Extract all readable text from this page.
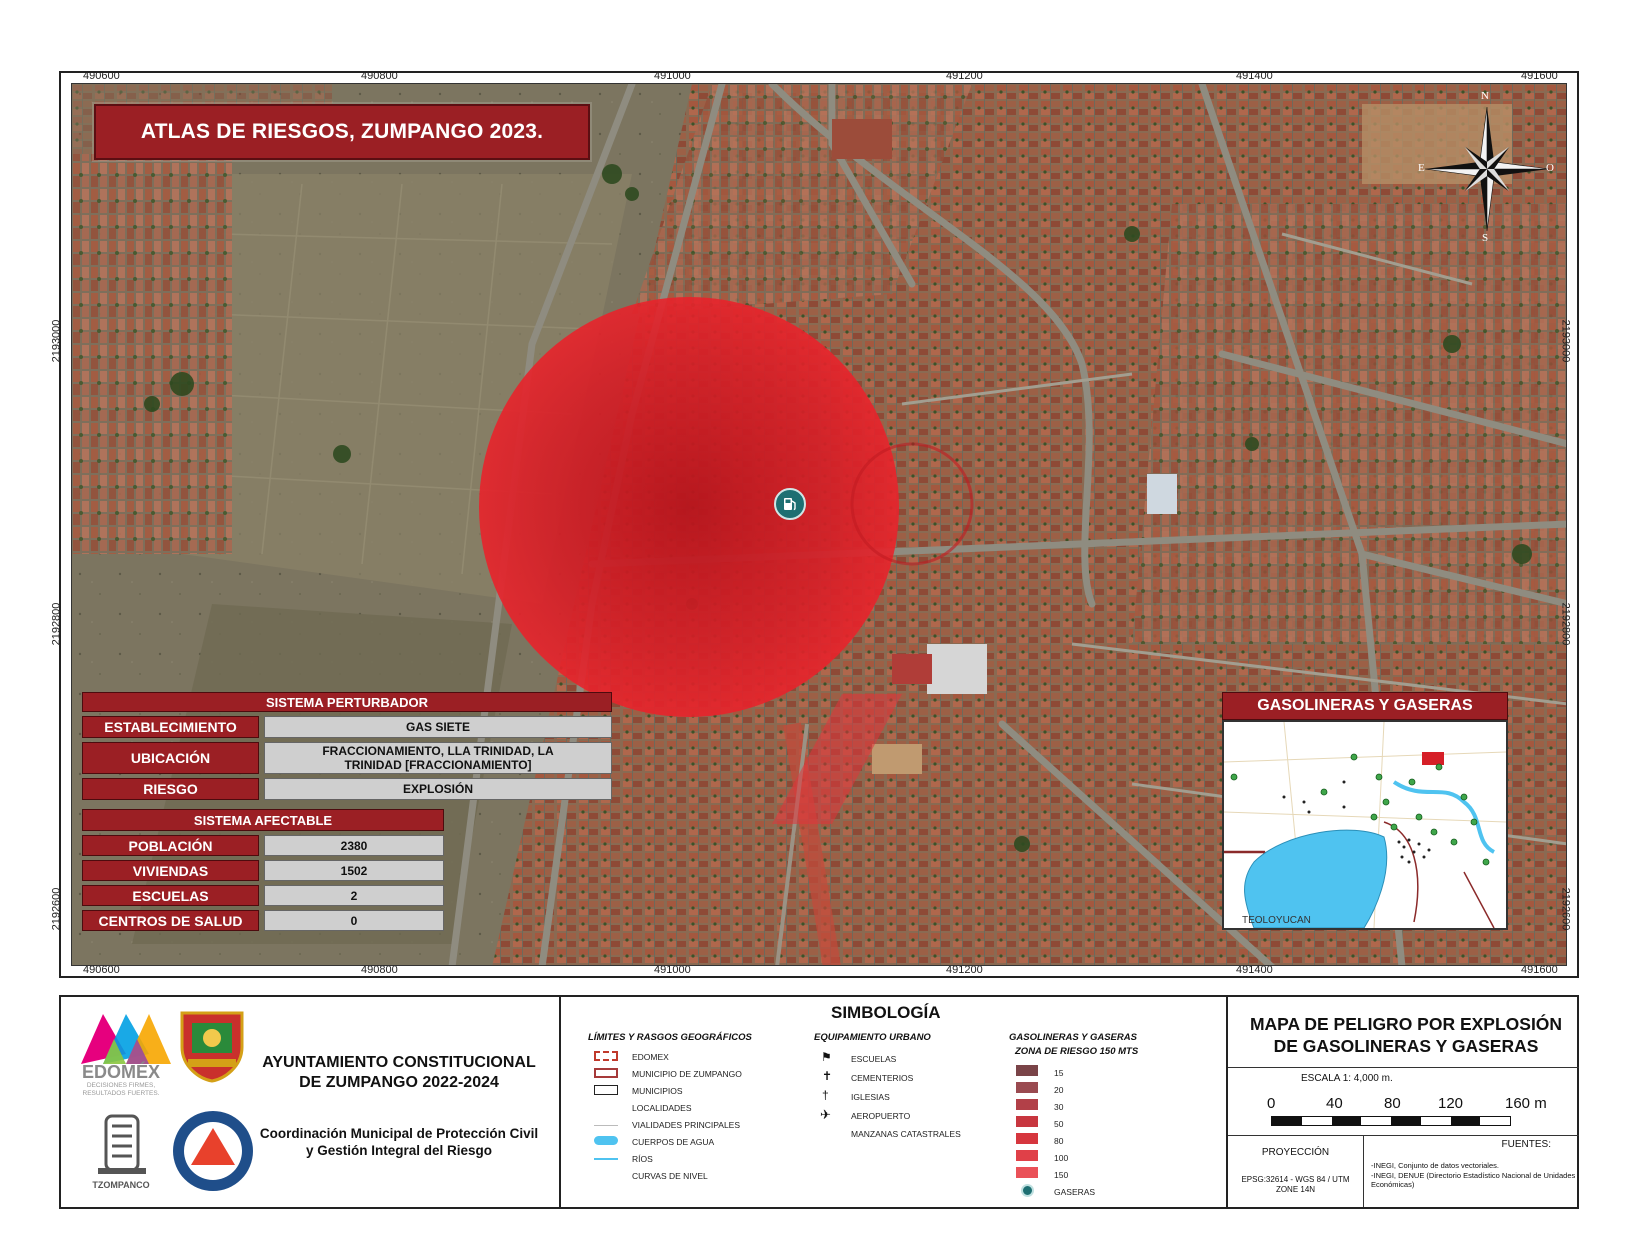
490600	490800	491000	491200	491400	491600
490600	490800	491000	491200	491400	491600
ATLAS DE RIESGOS, ZUMPANGO 2023.
N
S
O
E
SISTEMA PERTURBADOR
ESTABLECIMIENTO	GAS SIETE
UBICACIÓN	FRACCIONAMIENTO, LLA TRINIDAD, LA TRINIDAD [FRACCIONAMIENTO]
RIESGO	EXPLOSIÓN
SISTEMA AFECTABLE
POBLACIÓN	2380
VIVIENDAS	1502
ESCUELAS	2
CENTROS DE SALUD	0
GASOLINERAS Y GASERAS
TEOLOYUCAN
2193000
2192800
2192600
2193000
2192800
2192600
EDOMÉX
DECISIONES FIRMES, RESULTADOS FUERTES.
AYUNTAMIENTO CONSTITUCIONAL DE ZUMPANGO 2022-2024
TZOMPANCO
Coordinación Municipal de Protección Civil y Gestión Integral del Riesgo
SIMBOLOGÍA
LÍMITES Y RASGOS GEOGRÁFICOS
EDOMEX
MUNICIPIO DE ZUMPANGO
MUNICIPIOS
LOCALIDADES
VIALIDADES PRINCIPALES
CUERPOS DE AGUA
RÍOS
CURVAS DE NIVEL
EQUIPAMIENTO URBANO
⚑ ESCUELAS
✝ CEMENTERIOS
†	IGLESIAS
✈ AEROPUERTO
MANZANAS CATASTRALES
GASOLINERAS Y GASERAS
ZONA DE RIESGO 150 MTS
15
20
30
50
80
100
150
GASERAS
MAPA DE PELIGRO POR EXPLOSIÓN DE GASOLINERAS Y GASERAS
ESCALA 1: 4,000 m.
0	40	80 120	160 m
PROYECCIÓN
EPSG:32614 - WGS 84 / UTM ZONE 14N
FUENTES:
-INEGI, Conjunto de datos vectoriales.
-INEGI, DENUE (Directorio Estadístico Nacional de Unidades Económicas)
